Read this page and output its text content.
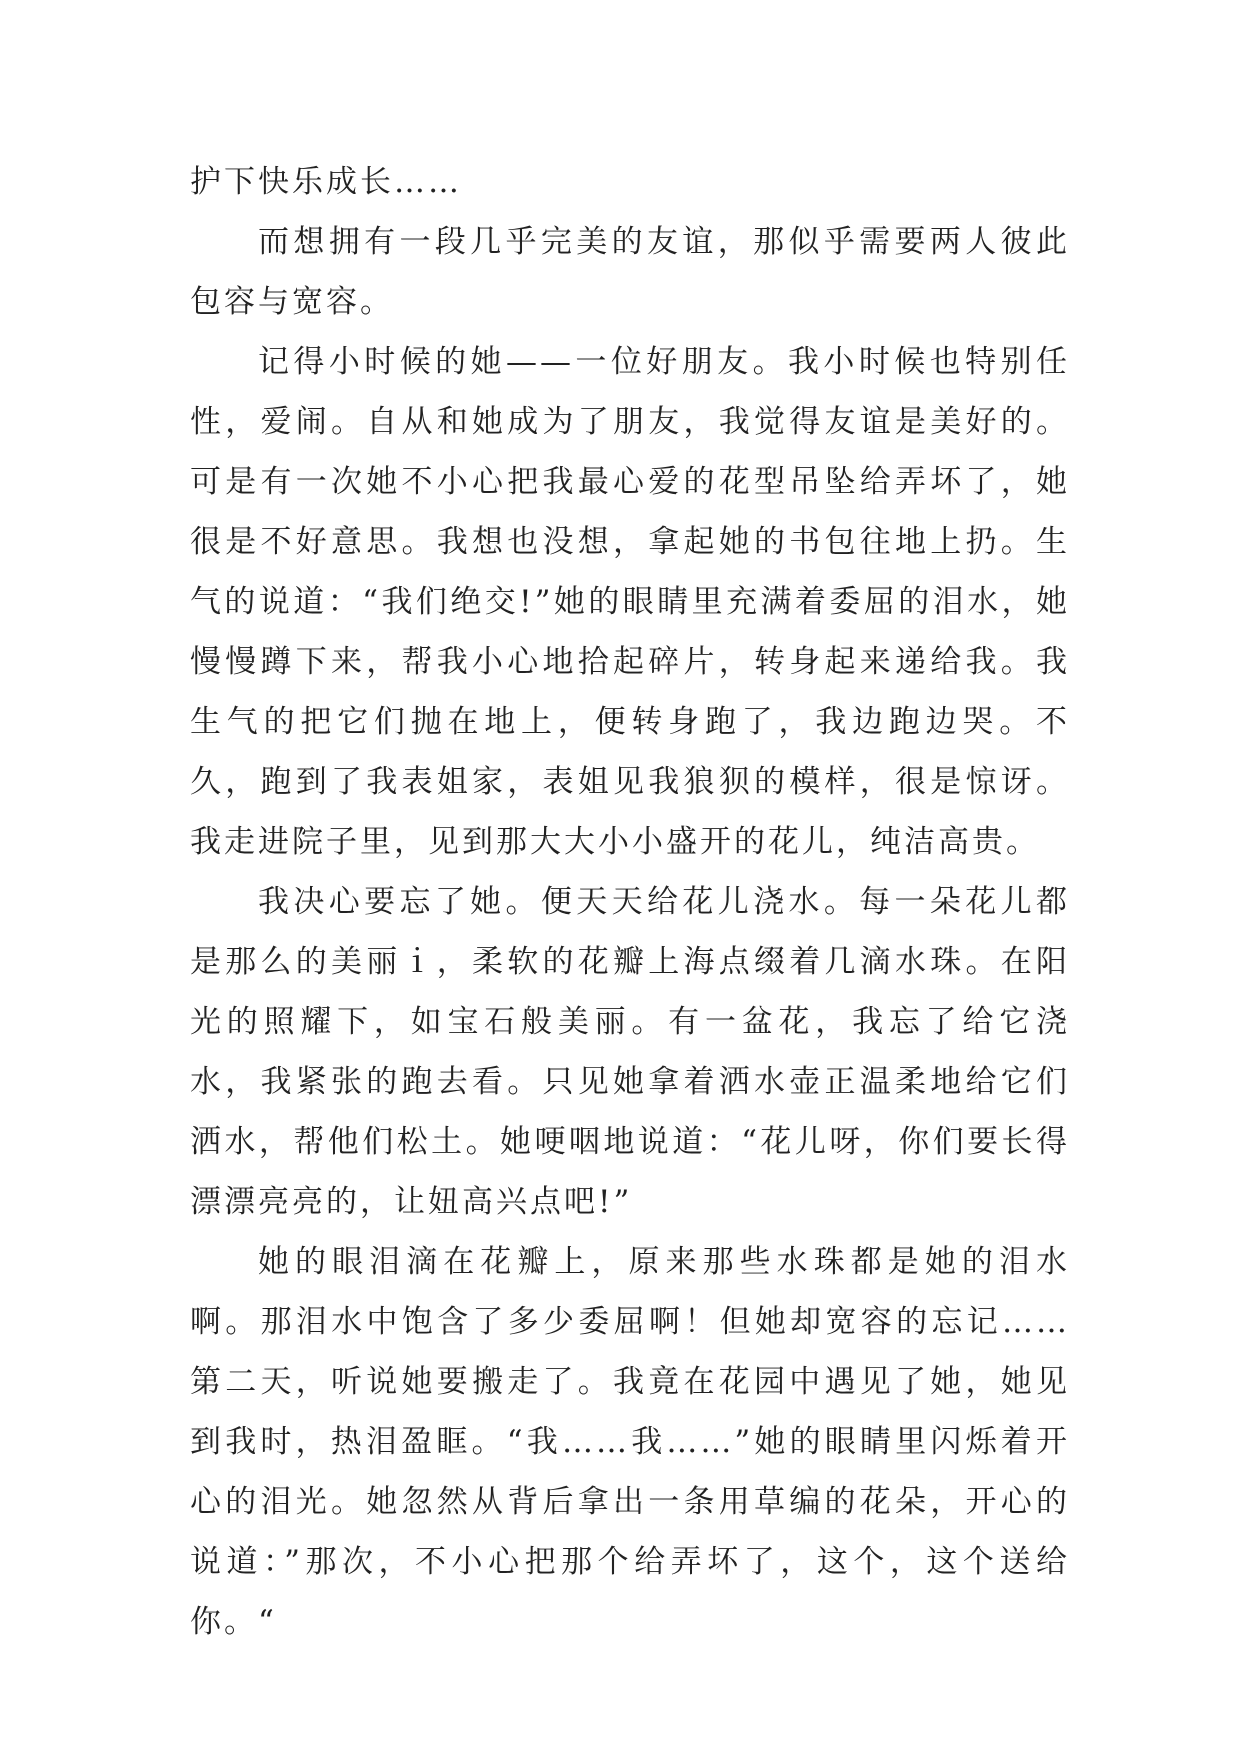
护下快乐成长……

而想拥有一段几乎完美的友谊，那似乎需要两人彼此包容与宽容。

记得小时候的她——一位好朋友。我小时候也特别任性，爱闹。自从和她成为了朋友，我觉得友谊是美好的。可是有一次她不小心把我最心爱的花型吊坠给弄坏了，她很是不好意思。我想也没想，拿起她的书包往地上扔。生气的说道：“我们绝交!”她的眼睛里充满着委屈的泪水，她慢慢蹲下来，帮我小心地拾起碎片，转身起来递给我。我生气的把它们抛在地上，便转身跑了，我边跑边哭。不久，跑到了我表姐家，表姐见我狼狈的模样，很是惊讶。我走进院子里，见到那大大小小盛开的花儿，纯洁高贵。

我决心要忘了她。便天天给花儿浇水。每一朵花儿都是那么的美丽ｉ，柔软的花瓣上海点缀着几滴水珠。在阳光的照耀下，如宝石般美丽。有一盆花，我忘了给它浇水，我紧张的跑去看。只见她拿着洒水壶正温柔地给它们洒水，帮他们松土。她哽咽地说道：“花儿呀，你们要长得漂漂亮亮的，让妞高兴点吧!”

她的眼泪滴在花瓣上，原来那些水珠都是她的泪水啊。那泪水中饱含了多少委屈啊！但她却宽容的忘记……第二天，听说她要搬走了。我竟在花园中遇见了她，她见到我时，热泪盈眶。“我……我……”她的眼睛里闪烁着开心的泪光。她忽然从背后拿出一条用草编的花朵，开心的说道：”那次，不小心把那个给弄坏了，这个，这个送给你。“
